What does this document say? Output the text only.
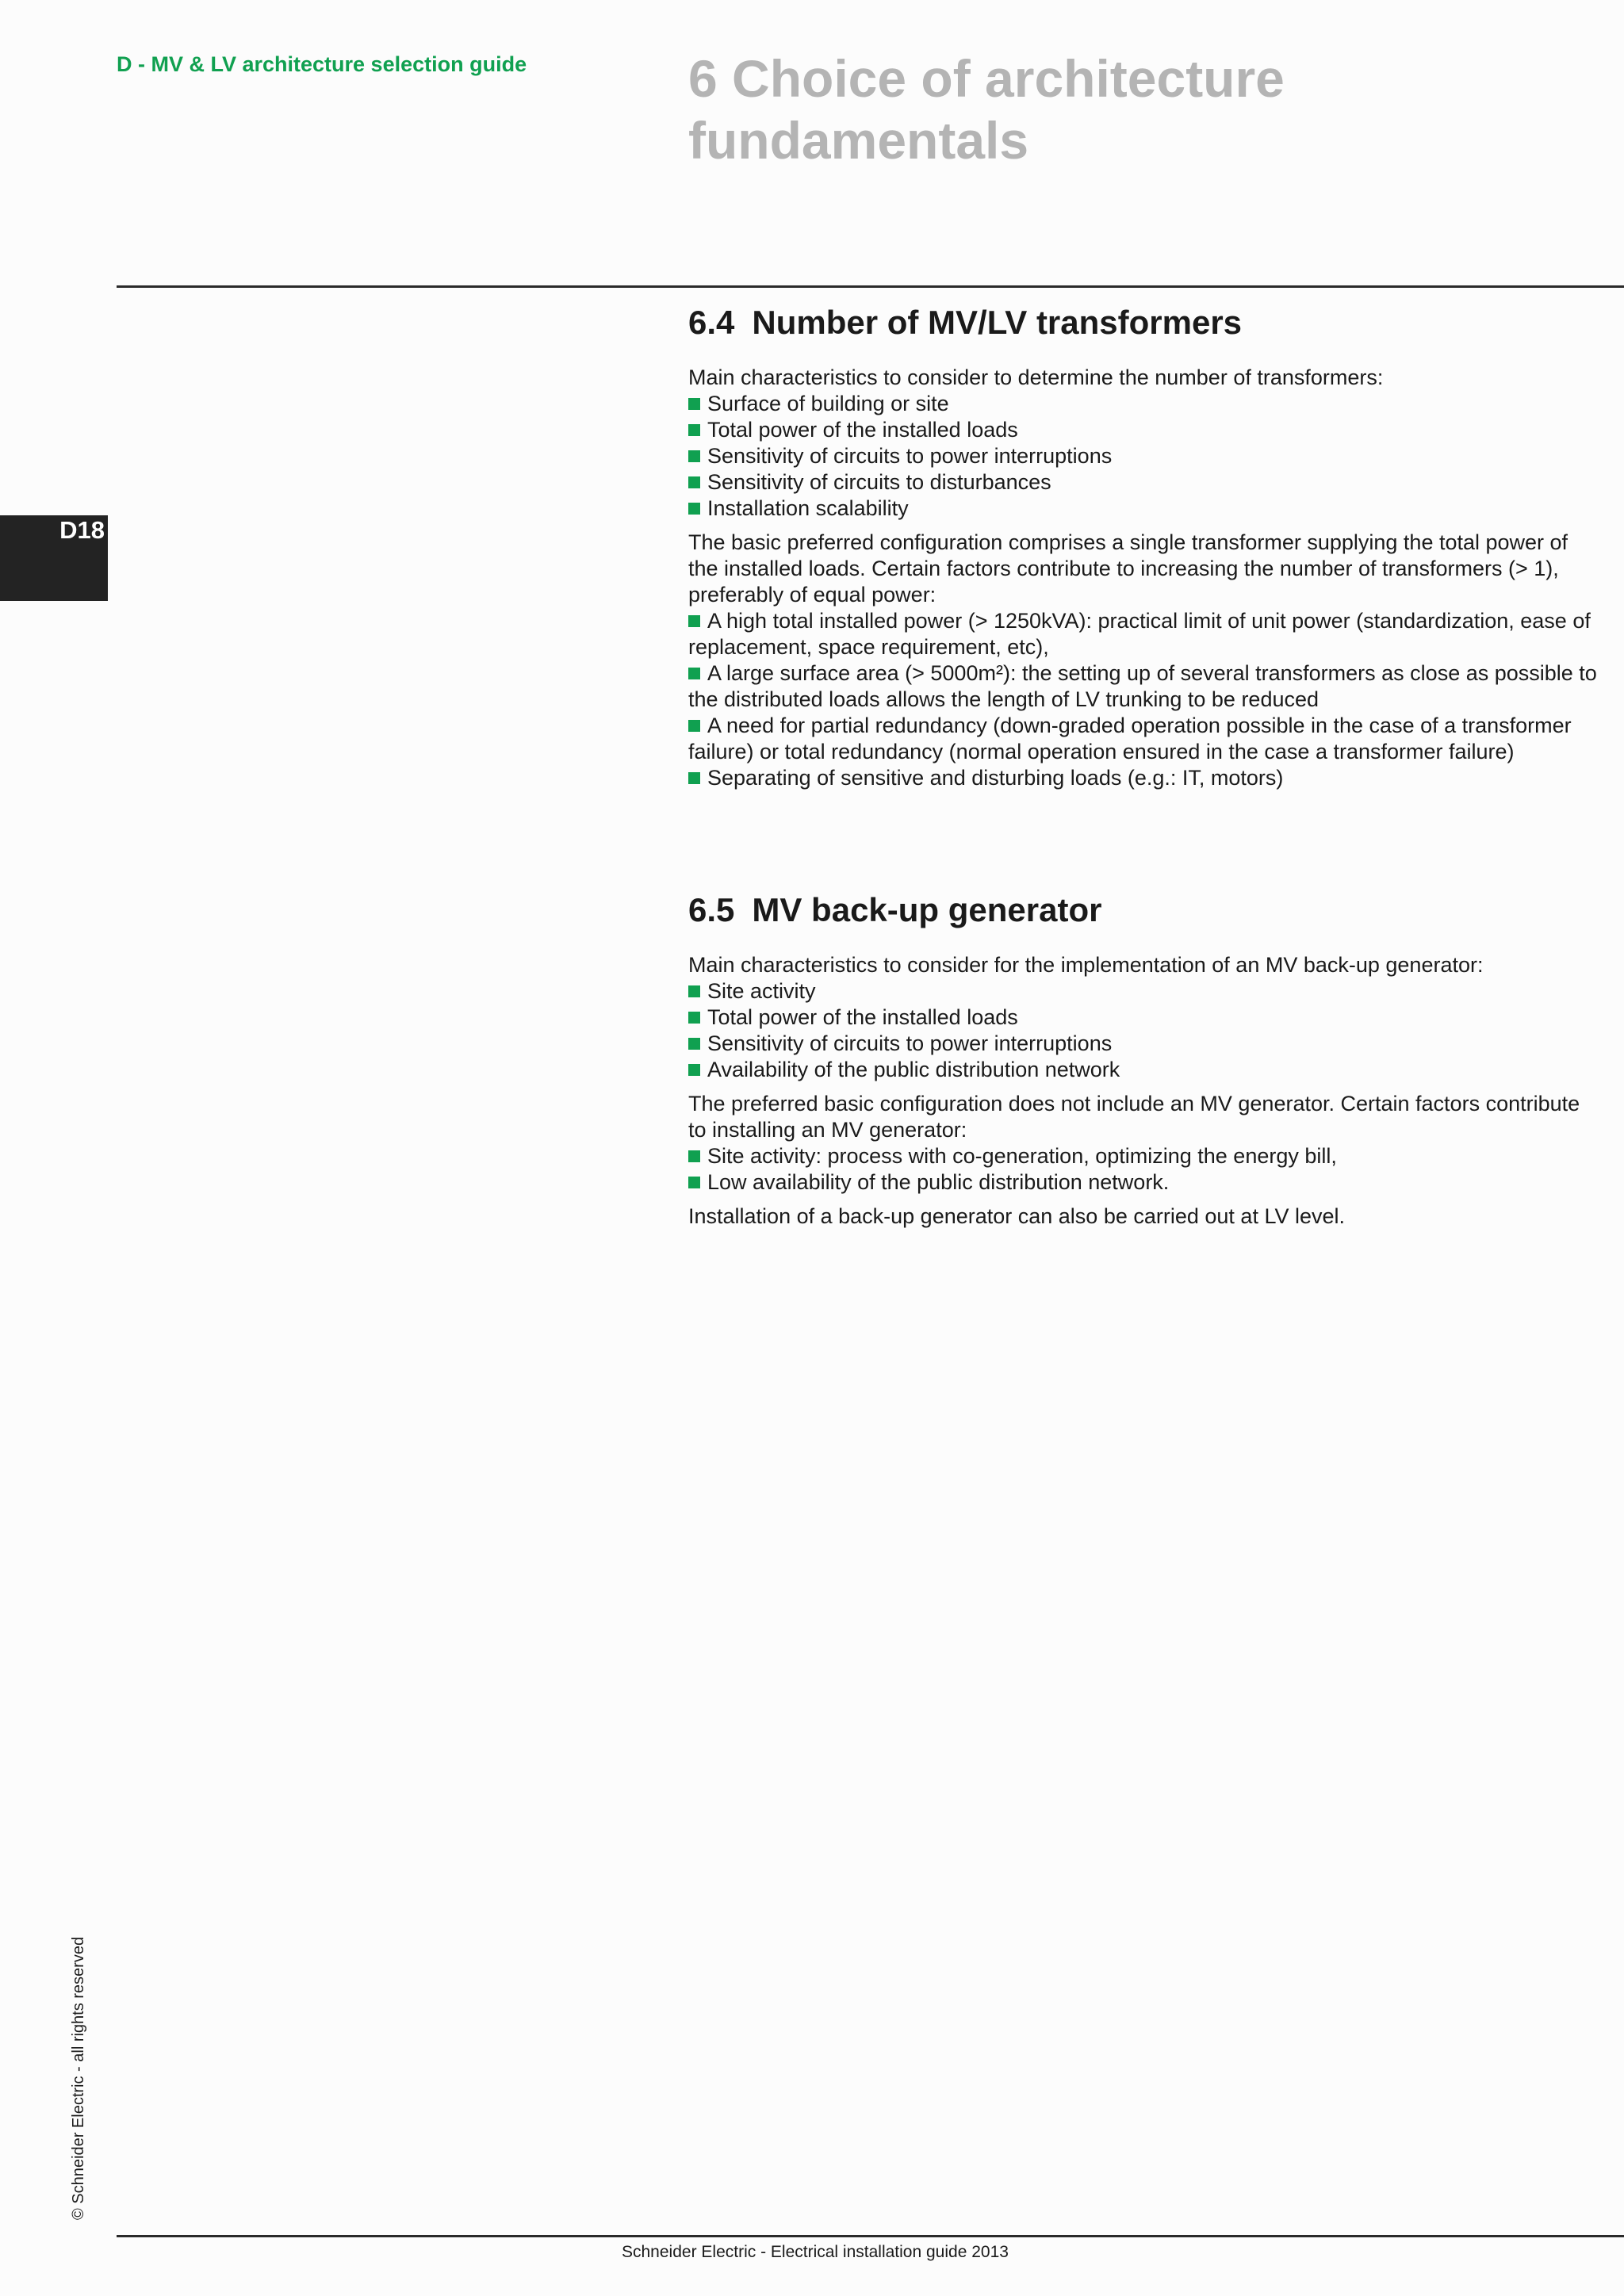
D - MV & LV architecture selection guide	6 Choice of architecture fundamentals
D18
© Schneider Electric - all rights reserved
6.4 Number of MV/LV transformers

Main characteristics to consider to determine the number of transformers:

Surface of building or site

Total power of the installed loads

Sensitivity of circuits to power interruptions

Sensitivity of circuits to disturbances

Installation scalability

The basic preferred configuration comprises a single transformer supplying the total power of the installed loads. Certain factors contribute to increasing the number of transformers (> 1), preferably of equal power:

A high total installed power (> 1250kVA): practical limit of unit power (standardization, ease of replacement, space requirement, etc),

A large surface area (> 5000m²): the setting up of several transformers as close as possible to the distributed loads allows the length of LV trunking to be reduced

A need for partial redundancy (down-graded operation possible in the case of a transformer failure) or total redundancy (normal operation ensured in the case a transformer failure)

Separating of sensitive and disturbing loads (e.g.: IT, motors)

6.5 MV back-up generator

Main characteristics to consider for the implementation of an MV back-up generator:

Site activity

Total power of the installed loads

Sensitivity of circuits to power interruptions

Availability of the public distribution network

The preferred basic configuration does not include an MV generator. Certain factors contribute to installing an MV generator:

Site activity: process with co-generation, optimizing the energy bill,

Low availability of the public distribution network.

Installation of a back-up generator can also be carried out at LV level.

Schneider Electric - Electrical installation guide 2013
